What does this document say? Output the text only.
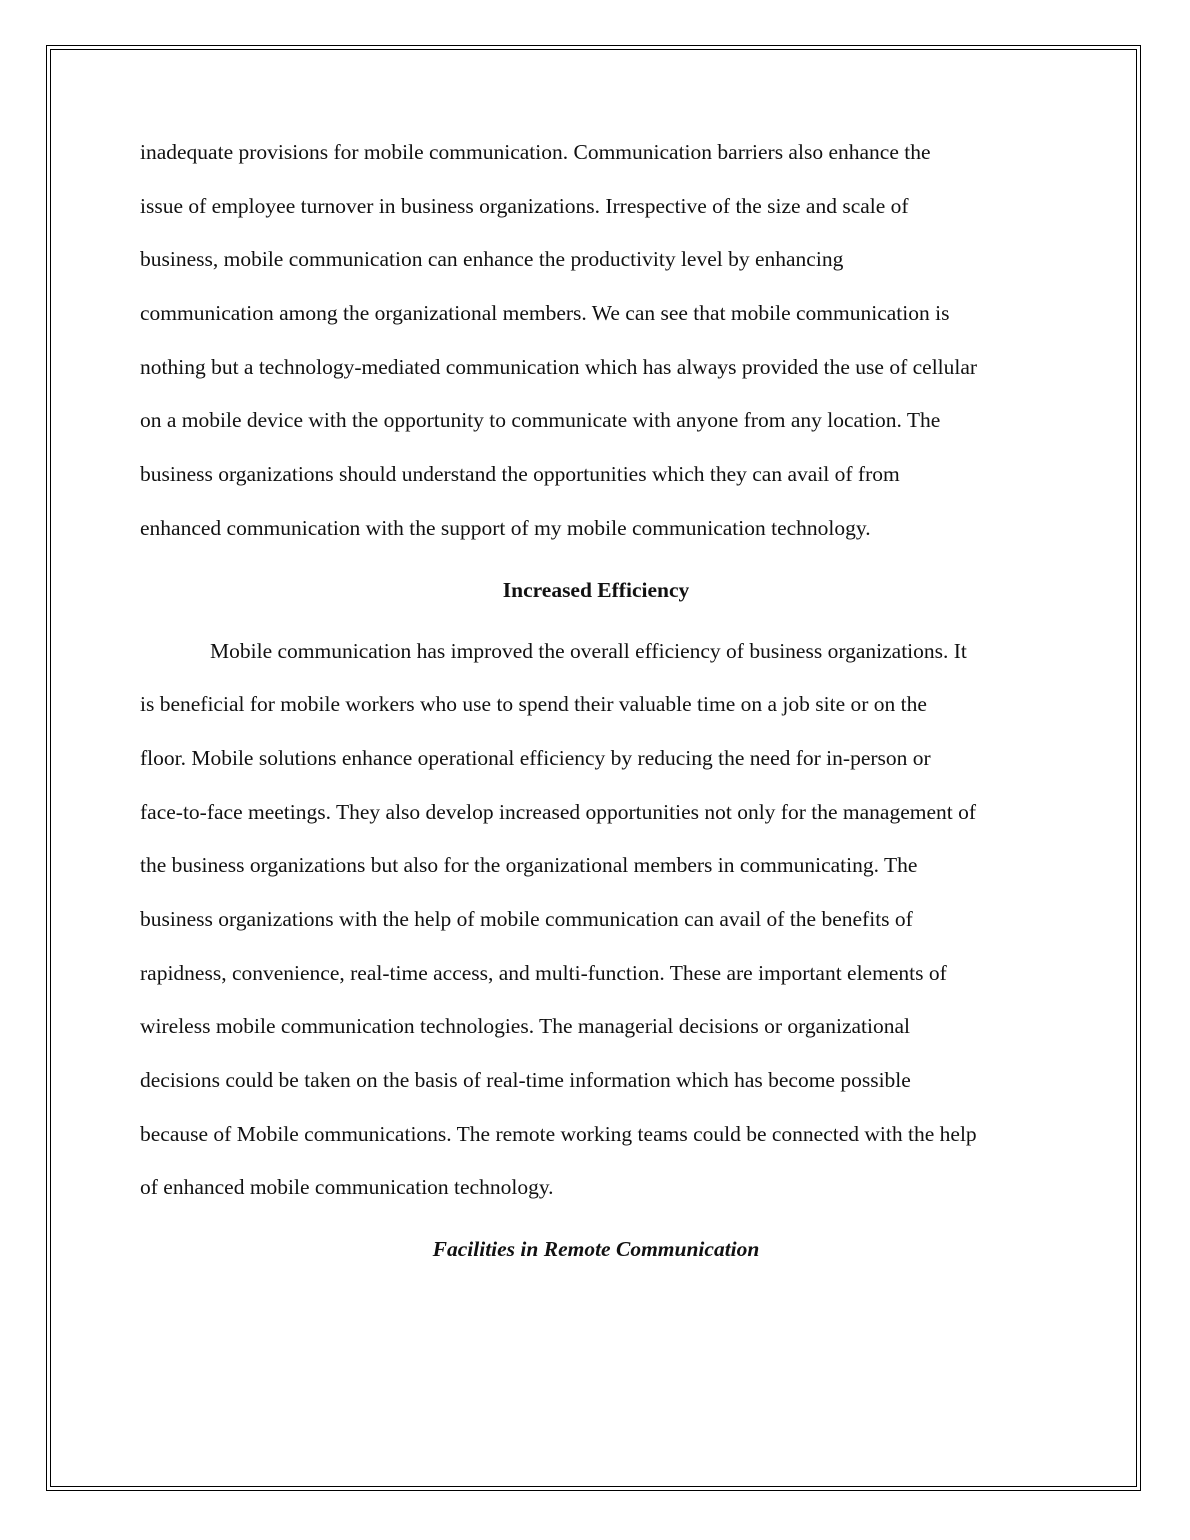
inadequate provisions for mobile communication. Communication barriers also enhance the
issue of employee turnover in business organizations. Irrespective of the size and scale of
business, mobile communication can enhance the productivity level by enhancing
communication among the organizational members. We can see that mobile communication is
nothing but a technology-mediated communication which has always provided the use of cellular
on a mobile device with the opportunity to communicate with anyone from any location. The
business organizations should understand the opportunities which they can avail of from
enhanced communication with the support of my mobile communication technology.
Increased Efficiency
Mobile communication has improved the overall efficiency of business organizations. It
is beneficial for mobile workers who use to spend their valuable time on a job site or on the
floor. Mobile solutions enhance operational efficiency by reducing the need for in-person or
face-to-face meetings. They also develop increased opportunities not only for the management of
the business organizations but also for the organizational members in communicating. The
business organizations with the help of mobile communication can avail of the benefits of
rapidness, convenience, real-time access, and multi-function. These are important elements of
wireless mobile communication technologies. The managerial decisions or organizational
decisions could be taken on the basis of real-time information which has become possible
because of Mobile communications. The remote working teams could be connected with the help
of enhanced mobile communication technology.
Facilities in Remote Communication
